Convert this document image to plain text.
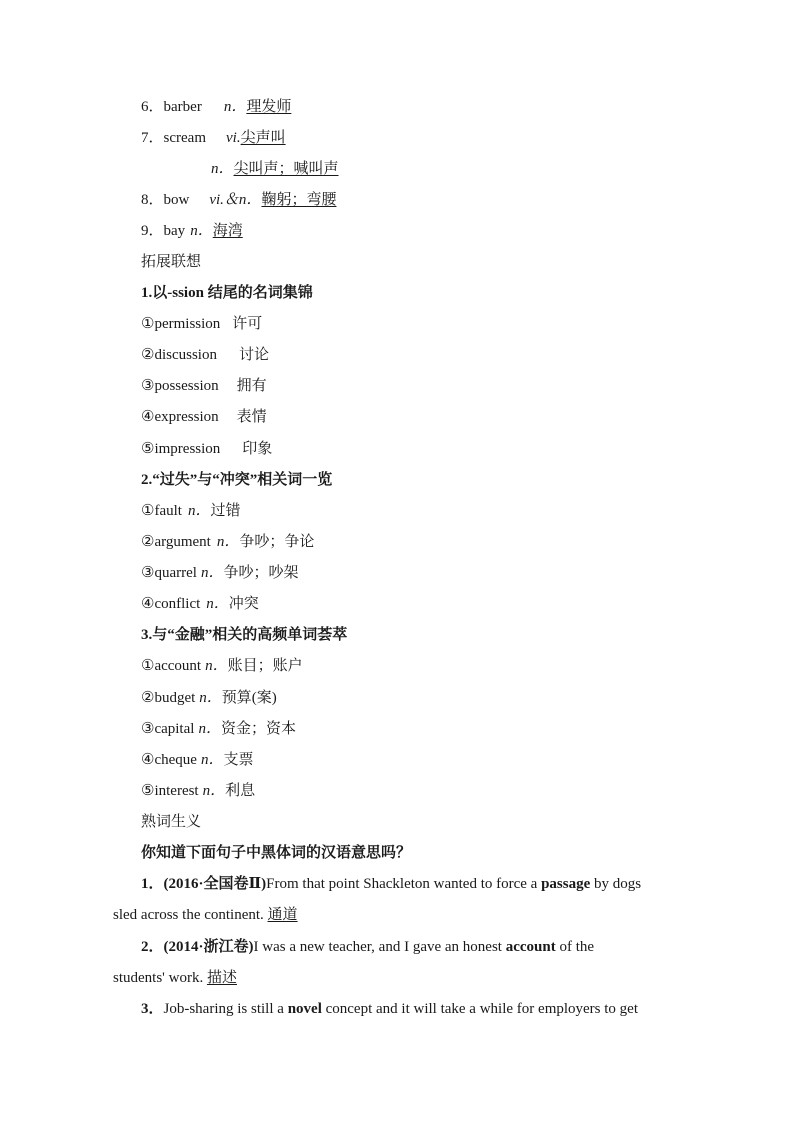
6．barber n．理发师
7．scream vi.尖声叫
n．尖叫声；喊叫声
8．bow vi.＆n．鞠躬；弯腰
9．bay n．海湾
拓展联想
1.以-ssion 结尾的名词集锦
①permission 许可
②discussion 讨论
③possession 拥有
④expression 表情
⑤impression 印象
2.“过失”与“冲突”相关词一览
①fault n．过错
②argument n．争吵；争论
③quarrel n．争吵；吵架
④conflict n．冲突
3.与“金融”相关的高频单词荟萃
①account n．账目；账户
②budget n．预算(案)
③capital n．资金；资本
④cheque n．支票
⑤interest n．利息
熟词生义
你知道下面句子中黑体词的汉语意思吗？
1．(2016·全国卷Ⅱ)From that point Shackleton wanted to force a passage by dogs
sled across the continent. 通道
2．(2014·浙江卷)I was a new teacher, and I gave an honest account of the
students' work. 描述
3．Job-sharing is still a novel concept and it will take a while for employers to get
